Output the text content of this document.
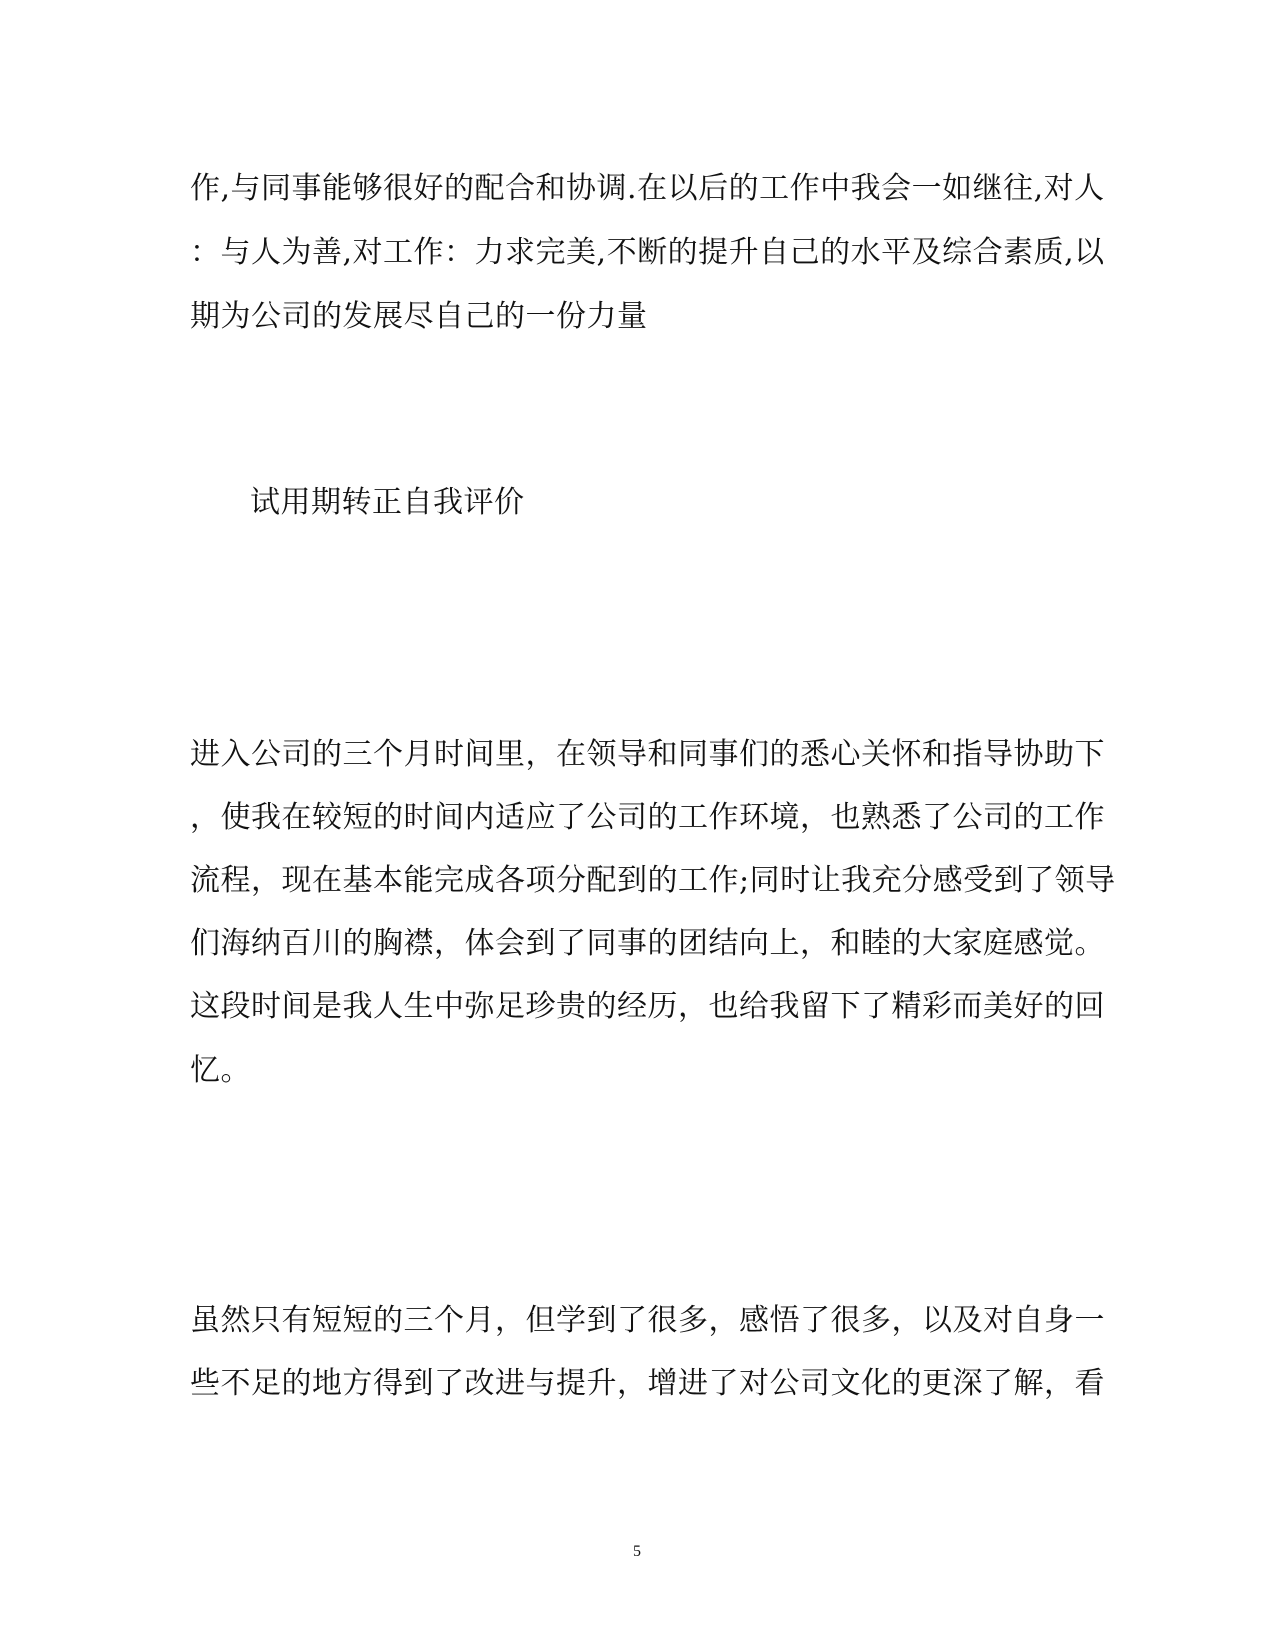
作,与同事能够很好的配合和协调.在以后的工作中我会一如继往,对人
：与人为善,对工作：力求完美,不断的提升自己的水平及综合素质,以
期为公司的发展尽自己的一份力量
试用期转正自我评价
进入公司的三个月时间里，在领导和同事们的悉心关怀和指导协助下
，使我在较短的时间内适应了公司的工作环境，也熟悉了公司的工作
流程，现在基本能完成各项分配到的工作;同时让我充分感受到了领导
们海纳百川的胸襟，体会到了同事的团结向上，和睦的大家庭感觉。
这段时间是我人生中弥足珍贵的经历，也给我留下了精彩而美好的回
忆。
虽然只有短短的三个月，但学到了很多，感悟了很多，以及对自身一
些不足的地方得到了改进与提升，增进了对公司文化的更深了解，看
5
